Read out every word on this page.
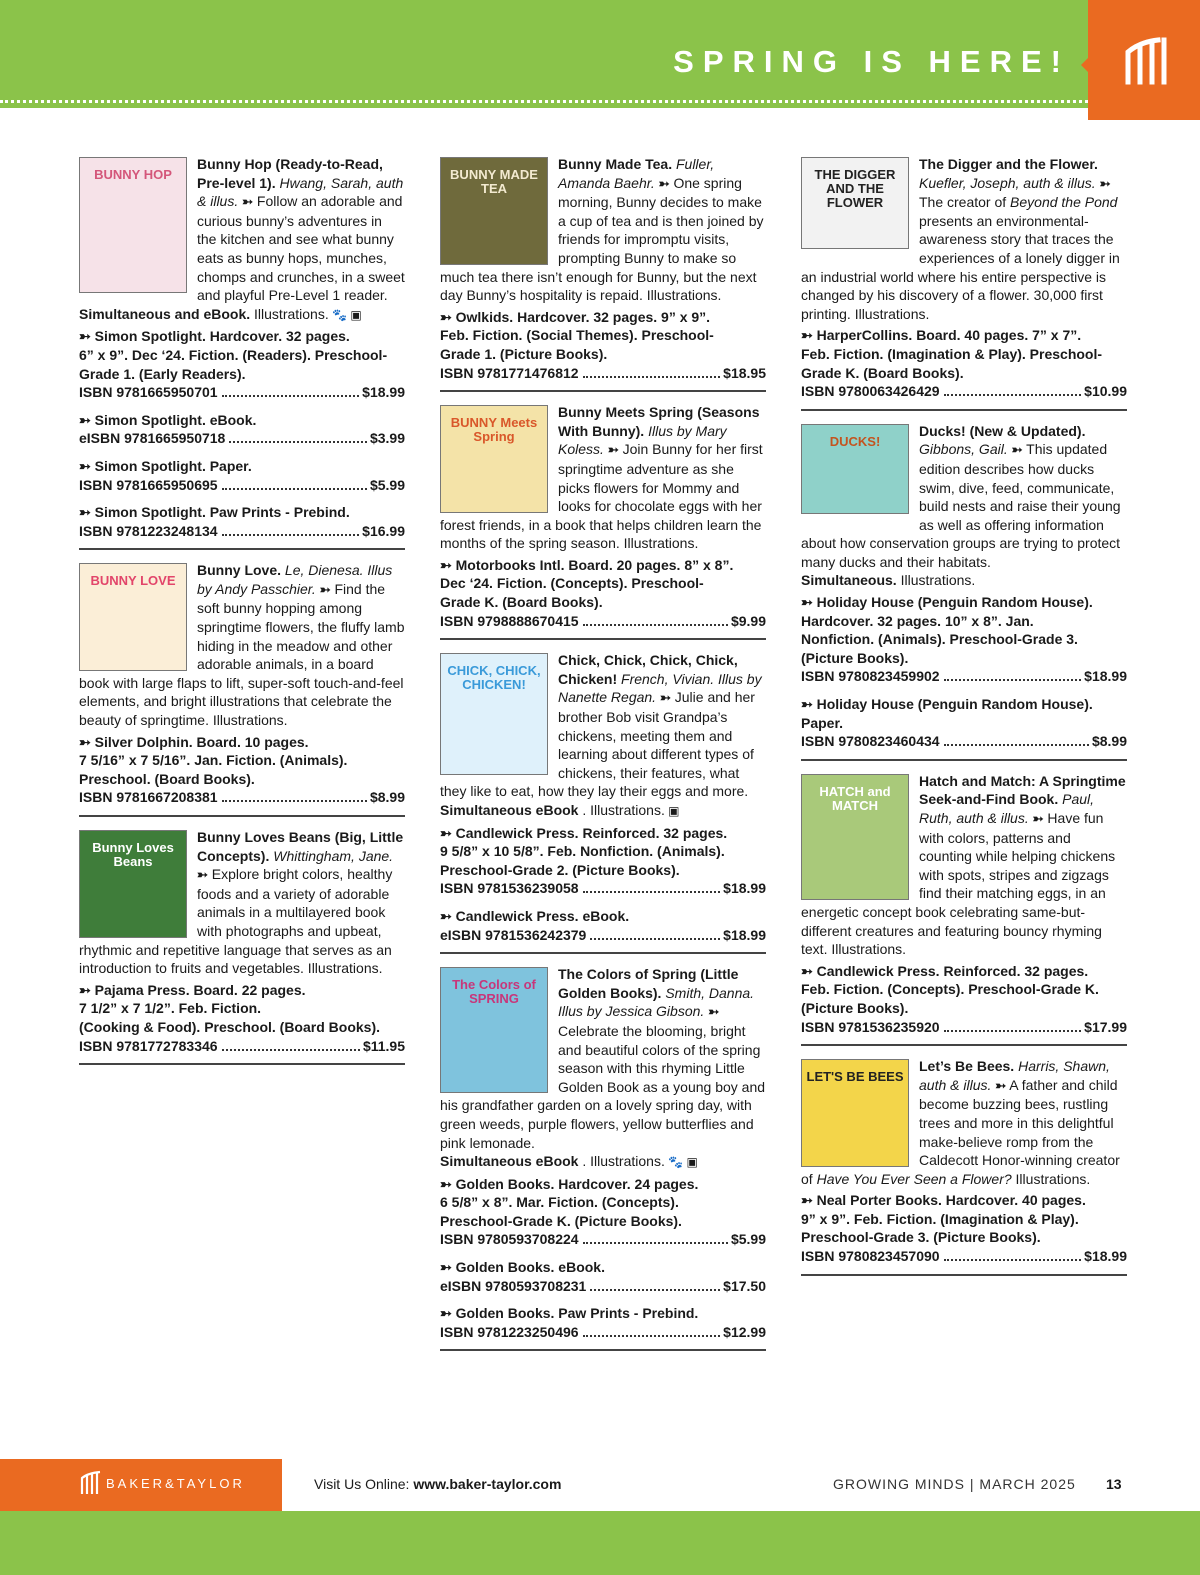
SPRING IS HERE!

BUNNY HOP
Bunny Hop (Ready-to-Read, Pre-level 1). Hwang, Sarah, auth & illus. ➳ Follow an adorable and curious bunny’s adventures in the kitchen and see what bunny eats as bunny hops, munches, chomps and crunches, in a sweet and playful Pre-Level 1 reader.
Simultaneous and eBook. Illustrations. 🐾 ▣

➳ Simon Spotlight. Hardcover. 32 pages.
6” x 9”. Dec ‘24. Fiction. (Readers). Preschool-
Grade 1. (Early Readers).
ISBN 9781665950701	$18.99
➳ Simon Spotlight. eBook.
eISBN 9781665950718	$3.99
➳ Simon Spotlight. Paper.
ISBN 9781665950695	$5.99
➳ Simon Spotlight. Paw Prints - Prebind.
ISBN 9781223248134	$16.99

BUNNY LOVE
Bunny Love. Le, Dienesa. Illus by Andy Passchier. ➳ Find the soft bunny hopping among springtime flowers, the fluffy lamb hiding in the meadow and other adorable animals, in a board book with large flaps to lift, super-soft touch-and-feel elements, and bright illustrations that celebrate the beauty of springtime. Illustrations.

➳ Silver Dolphin. Board. 10 pages.
7 5/16” x 7 5/16”. Jan. Fiction. (Animals).
Preschool. (Board Books).
ISBN 9781667208381	$8.99

Bunny Loves Beans
Bunny Loves Beans (Big, Little Concepts). Whittingham, Jane. ➳ Explore bright colors, healthy foods and a variety of adorable animals in a multilayered book with photographs and upbeat, rhythmic and repetitive language that serves as an introduction to fruits and vegetables. Illustrations.

➳ Pajama Press. Board. 22 pages.
7 1/2” x 7 1/2”. Feb. Fiction.
(Cooking & Food). Preschool. (Board Books).
ISBN 9781772783346	$11.95

BUNNY MADE TEA
Bunny Made Tea. Fuller, Amanda Baehr. ➳ One spring morning, Bunny decides to make a cup of tea and is then joined by friends for impromptu visits, prompting Bunny to make so much tea there isn’t enough for Bunny, but the next day Bunny’s hospitality is repaid. Illustrations.

➳ Owlkids. Hardcover. 32 pages. 9” x 9”.
Feb. Fiction. (Social Themes). Preschool-
Grade 1. (Picture Books).
ISBN 9781771476812	$18.95

BUNNY Meets Spring
Bunny Meets Spring (Seasons With Bunny). Illus by Mary Koless. ➳ Join Bunny for her first springtime adventure as she picks flowers for Mommy and looks for chocolate eggs with her forest friends, in a book that helps children learn the months of the spring season. Illustrations.

➳ Motorbooks Intl. Board. 20 pages. 8” x 8”.
Dec ‘24. Fiction. (Concepts). Preschool-
Grade K. (Board Books).
ISBN 9798888670415	$9.99

CHICK, CHICK, CHICKEN!
Chick, Chick, Chick, Chick, Chicken! French, Vivian. Illus by Nanette Regan. ➳ Julie and her brother Bob visit Grandpa’s chickens, meeting them and learning about different types of chickens, their features, what they like to eat, how they lay their eggs and more.
Simultaneous eBook . Illustrations. ▣

➳ Candlewick Press. Reinforced. 32 pages.
9 5/8” x 10 5/8”. Feb. Nonfiction. (Animals).
Preschool-Grade 2. (Picture Books).
ISBN 9781536239058	$18.99
➳ Candlewick Press. eBook.
eISBN 9781536242379	$18.99

The Colors of SPRING
The Colors of Spring (Little Golden Books). Smith, Danna. Illus by Jessica Gibson. ➳ Celebrate the blooming, bright and beautiful colors of the spring season with this rhyming Little Golden Book as a young boy and his grandfather garden on a lovely spring day, with green weeds, purple flowers, yellow butterflies and pink lemonade.
Simultaneous eBook . Illustrations. 🐾 ▣

➳ Golden Books. Hardcover. 24 pages.
6 5/8” x 8”. Mar. Fiction. (Concepts).
Preschool-Grade K. (Picture Books).
ISBN 9780593708224	$5.99
➳ Golden Books. eBook.
eISBN 9780593708231	$17.50
➳ Golden Books. Paw Prints - Prebind.
ISBN 9781223250496	$12.99

THE DIGGER AND THE FLOWER
The Digger and the Flower. Kuefler, Joseph, auth & illus. ➳ The creator of Beyond the Pond presents an environmental-awareness story that traces the experiences of a lonely digger in an industrial world where his entire perspective is changed by his discovery of a flower. 30,000 first printing. Illustrations.

➳ HarperCollins. Board. 40 pages. 7” x 7”.
Feb. Fiction. (Imagination & Play). Preschool-
Grade K. (Board Books).
ISBN 9780063426429	$10.99

DUCKS!
Ducks! (New & Updated). Gibbons, Gail. ➳ This updated edition describes how ducks swim, dive, feed, communicate, build nests and raise their young as well as offering information about how conservation groups are trying to protect many ducks and their habitats.
Simultaneous. Illustrations.

➳ Holiday House (Penguin Random House).
Hardcover. 32 pages. 10” x 8”. Jan.
Nonfiction. (Animals). Preschool-Grade 3.
(Picture Books).
ISBN 9780823459902	$18.99
➳ Holiday House (Penguin Random House).
Paper.
ISBN 9780823460434	$8.99

HATCH and MATCH
Hatch and Match: A Springtime Seek-and-Find Book. Paul, Ruth, auth & illus. ➳ Have fun with colors, patterns and counting while helping chickens with spots, stripes and zigzags find their matching eggs, in an energetic concept book celebrating same-but-different creatures and featuring bouncy rhyming text. Illustrations.

➳ Candlewick Press. Reinforced. 32 pages.
Feb. Fiction. (Concepts). Preschool-Grade K.
(Picture Books).
ISBN 9781536235920	$17.99

LET'S BE BEES
Let’s Be Bees. Harris, Shawn, auth & illus. ➳ A father and child become buzzing bees, rustling trees and more in this delightful make-believe romp from the Caldecott Honor-winning creator of Have You Ever Seen a Flower? Illustrations.

➳ Neal Porter Books. Hardcover. 40 pages.
9” x 9”. Feb. Fiction. (Imagination & Play).
Preschool-Grade 3. (Picture Books).
ISBN 9780823457090	$18.99
BAKER&TAYLOR	Visit Us Online: www.baker-taylor.com	GROWING MINDS | MARCH 2025 13
